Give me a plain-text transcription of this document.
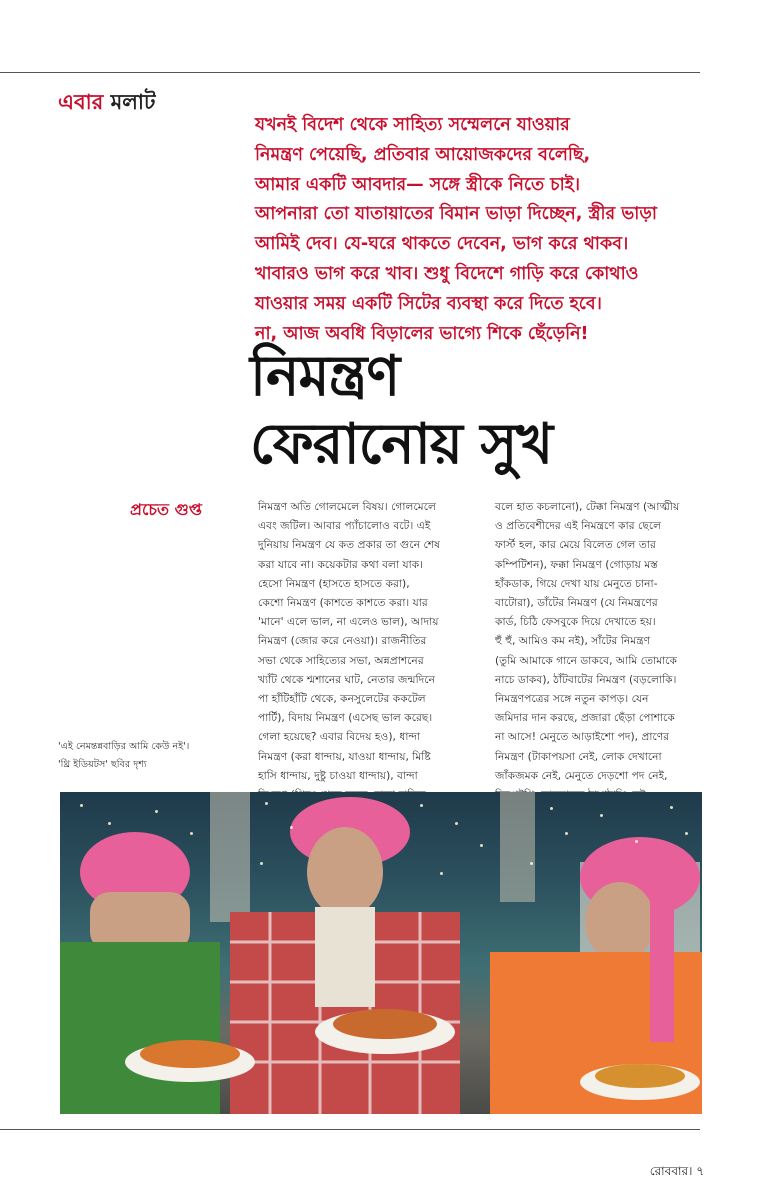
এবার মলাট

যখনই বিদেশ থেকে সাহিত্য সম্মেলনে যাওয়ার

নিমন্ত্রণ পেয়েছি, প্রতিবার আয়োজকদের বলেছি,

আমার একটি আবদার— সঙ্গে স্ত্রীকে নিতে চাই।

আপনারা তো যাতায়াতের বিমান ভাড়া দিচ্ছেন, স্ত্রীর ভাড়া

আমিই দেব। যে-ঘরে থাকতে দেবেন, ভাগ করে থাকব।

খাবারও ভাগ করে খাব। শুধু বিদেশে গাড়ি করে কোথাও

যাওয়ার সময় একটি সিটের ব্যবস্থা করে দিতে হবে।

না, আজ অবধি বিড়ালের ভাগ্যে শিকে ছেঁড়েনি!

নিমন্ত্রণ
ফেরানোয় সুখ
প্রচেত গুপ্ত	নিমন্ত্রণ অতি গোলমেলে বিষয়। গোলমেলে

এবং জটিল। আবার প্যাঁচালোও বটে। এই

দুনিয়ায় নিমন্ত্রণ যে কত প্রকার তা গুনে শেষ

করা যাবে না। কয়েকটার কথা বলা যাক।

হেসো নিমন্ত্রণ (হাসতে হাসতে করা),

কেশো নিমন্ত্রণ (কাশতে কাশতে করা। যার

'মানে' এলে ভাল, না এলেও ভাল), আদায়

নিমন্ত্রণ (জোর করে নেওয়া)। রাজনীতির

সভা থেকে সাহিত্যের সভা, অন্নপ্রাশনের

খ্যাঁট থেকে শ্মশানের ঘাট, নেতার জন্মদিনে

পা হাঁটিহাঁটি থেকে, কনসুলেটের ককটেল

পার্টি), বিদায় নিমন্ত্রণ (এসেছ ভাল করেছ।

গেলা হয়েছে? এবার বিদেয় হও), ধান্দা

নিমন্ত্রণ (করা ধান্দায়, যাওয়া ধান্দায়, মিষ্টি

হাসি ধান্দায়, দুষ্টু চাওয়া ধান্দায়), বান্দা

বলে হাত কচলানো), টেক্কা নিমন্ত্রণ (আত্মীয়

ও প্রতিবেশীদের এই নিমন্ত্রণে কার ছেলে

ফার্স্ট হল, কার মেয়ে বিলেত গেল তার

কম্পিটিশন), ফক্কা নিমন্ত্রণ (গোড়ায় মস্ত

হাঁকডাক, গিয়ে দেখা যায় মেনুতে চানা-

বাটোরা), ডাঁটের নিমন্ত্রণ (যে নিমন্ত্রণের

কার্ড, চিঠি ফেসবুকে দিয়ে দেখাতে হয়।

হুঁ হুঁ, আমিও কম নই), সাঁটের নিমন্ত্রণ

(তুমি আমাকে গানে ডাকবে, আমি তোমাকে

নাচে ডাকব), ঠাঁটবাটের নিমন্ত্রণ (বড়লোকি।

নিমন্ত্রণপত্রের সঙ্গে নতুন কাপড়। যেন

জমিদার দান করছে, প্রজারা ছেঁড়া পোশাকে

না আসে! মেনুতে আড়াইশো পদ), প্রাণের

নিমন্ত্রণ (টাকাপয়সা নেই, লোক দেখানো

জাঁকজমক নেই, মেনুতে দেড়শো পদ নেই,

'এই নেমন্তন্নবাড়ির আমি কেউ নই'।
'থ্রি ইডিয়টস' ছবির দৃশ্য
রোববার। ৭
